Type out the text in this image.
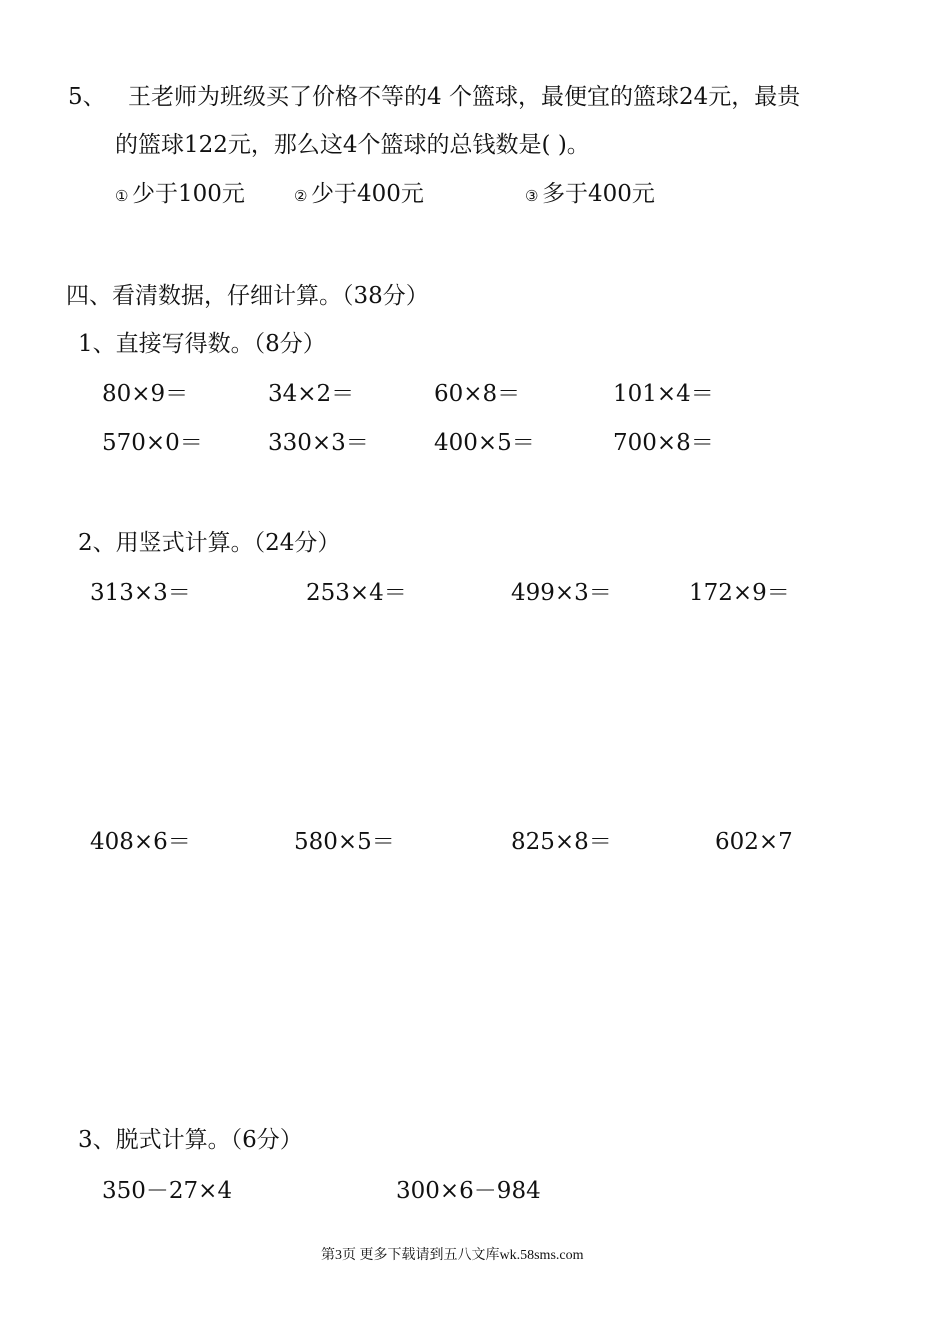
5、 王老师为班级买了价格不等的4 个篮球，最便宜的篮球24元，最贵
的篮球122元，那么这4个篮球的总钱数是( )。
① 少于100元	② 少于400元	③ 多于400元
四、看清数据，仔细计算。（38分）
1、直接写得数。（8分）
80×9＝	34×2＝	60×8＝	101×4＝
570×0＝	330×3＝	400×5＝	700×8＝
2、用竖式计算。（24分）
313×3＝	253×4＝	499×3＝	172×9＝
408×6＝	580×5＝	825×8＝	602×7
3、脱式计算。（6分）
350－27×4	300×6－984
第3页 更多下载请到五八文库wk.58sms.com
